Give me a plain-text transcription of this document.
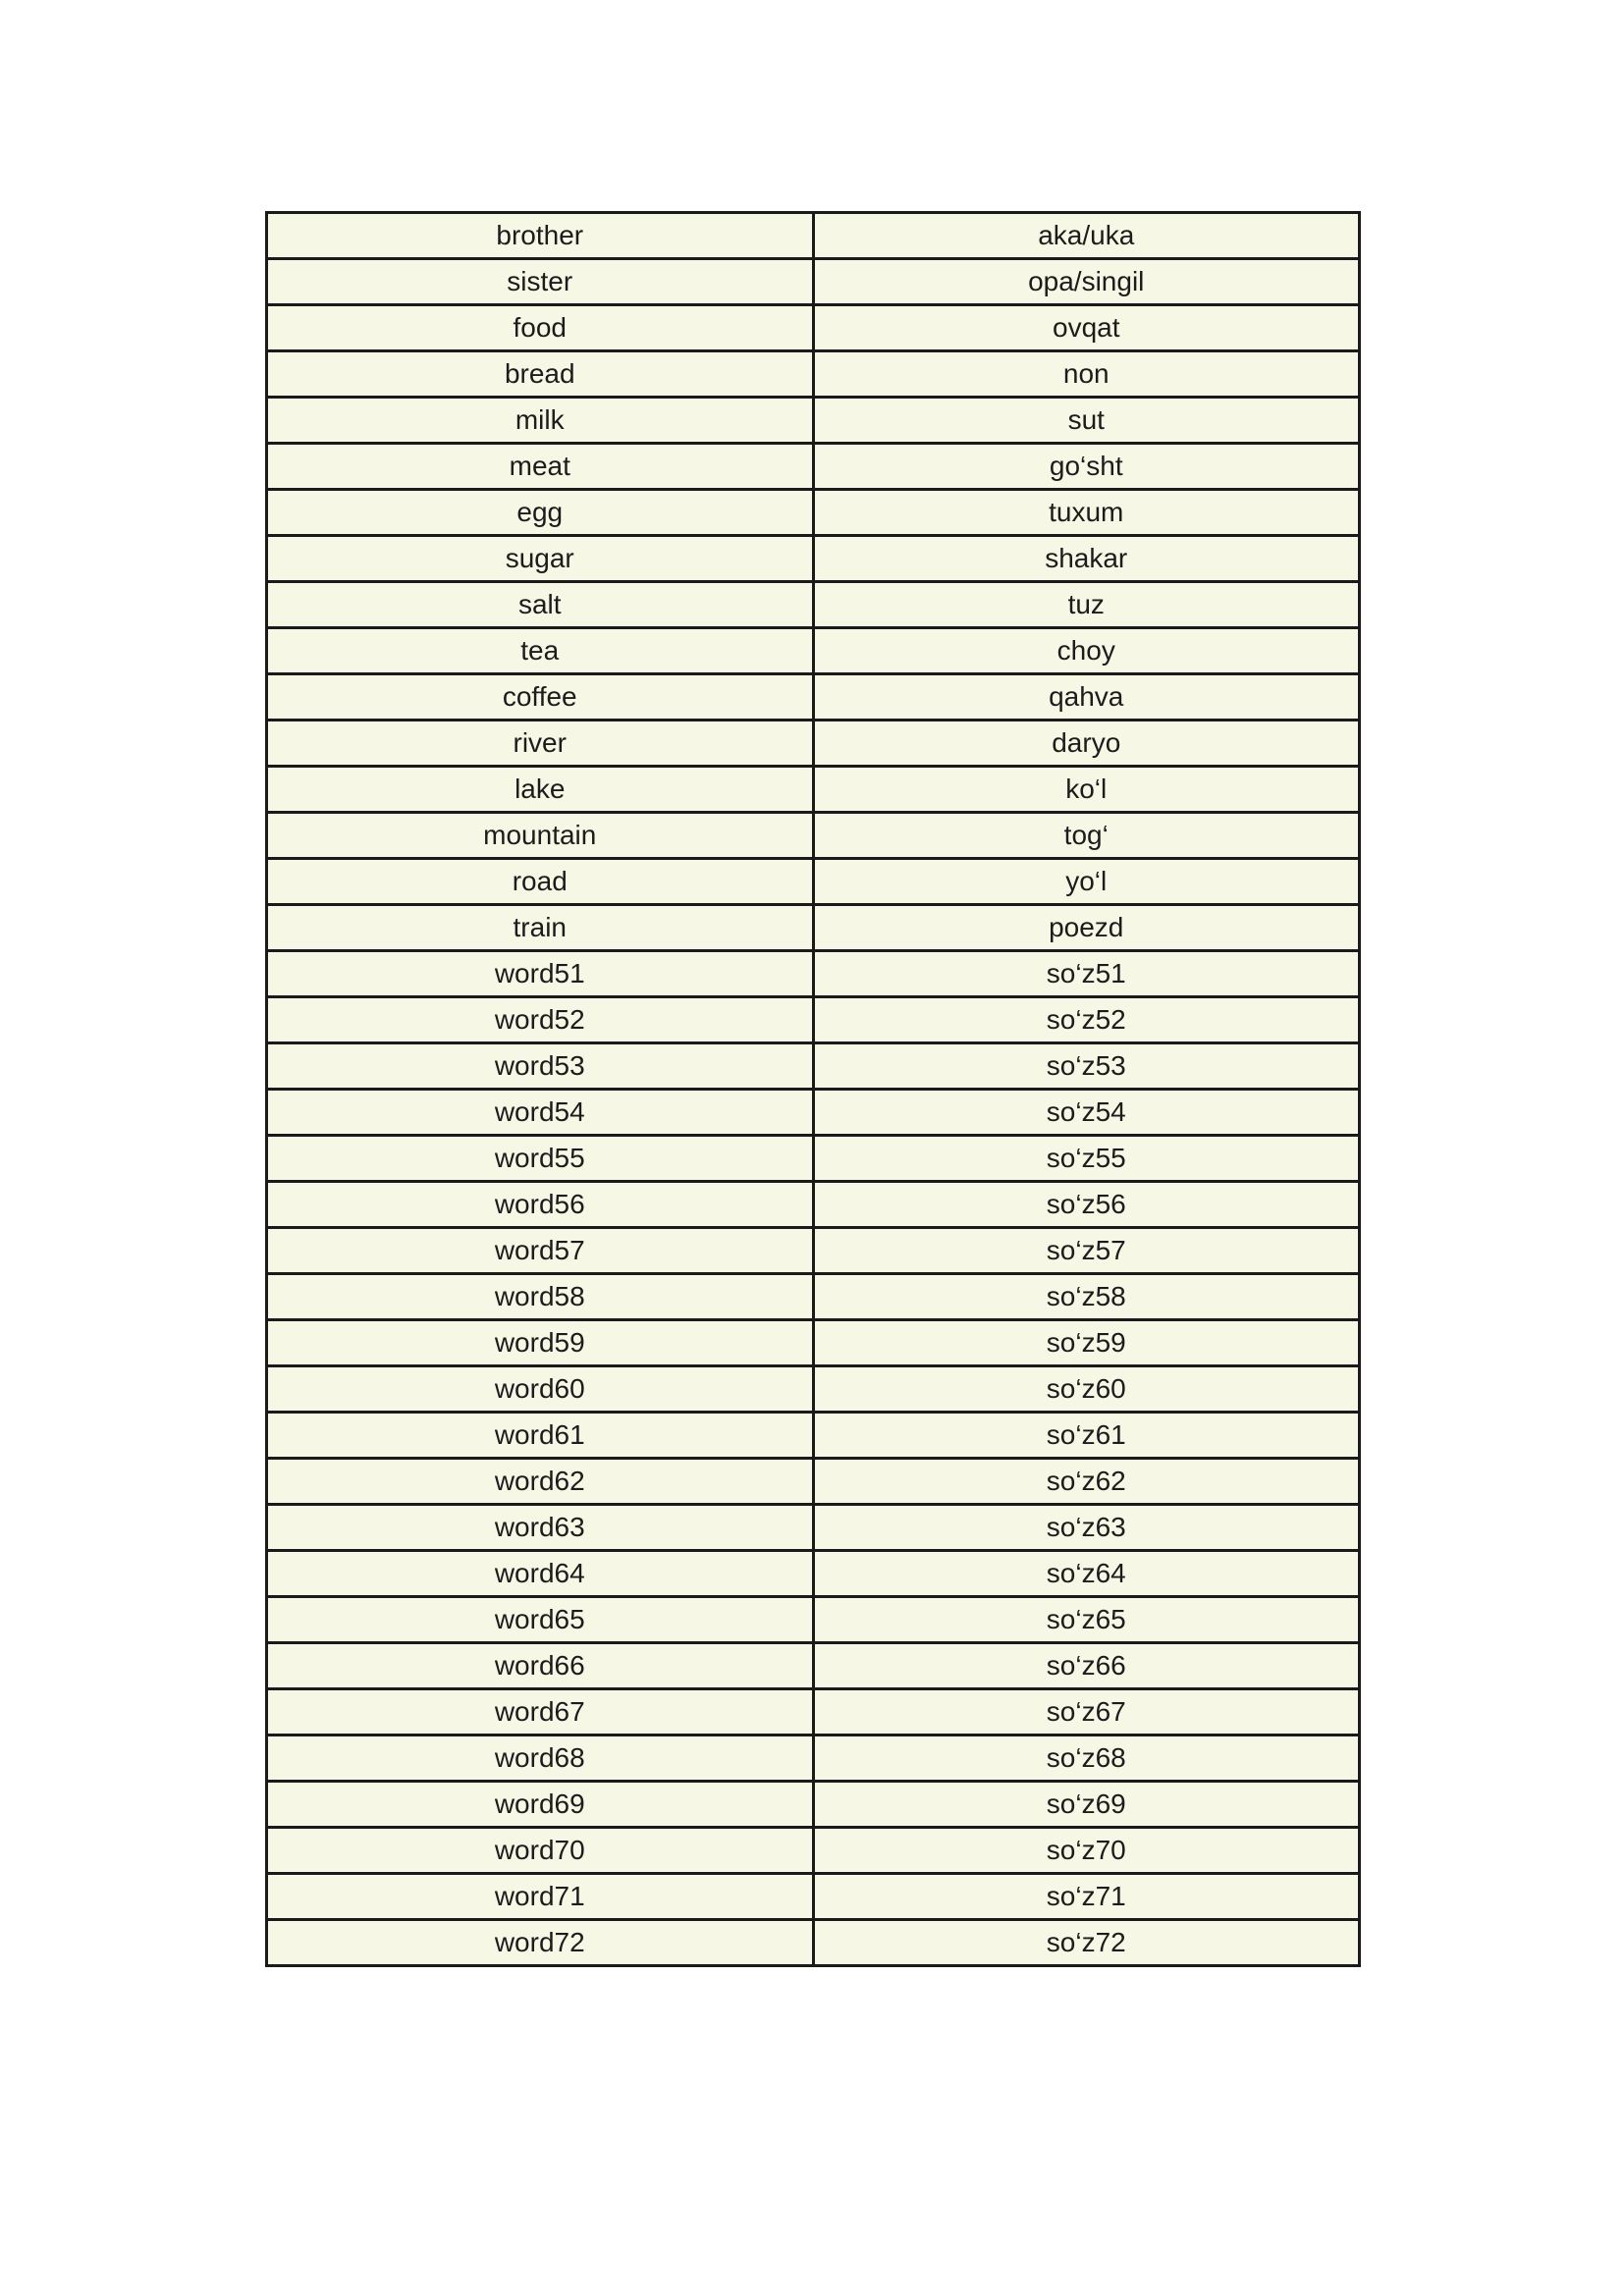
brother	aka/uka
sister	opa/singil
food	ovqat
bread	non
milk	sut
meat	go‘sht
egg	tuxum
sugar	shakar
salt	tuz
tea	choy
coffee	qahva
river	daryo
lake	ko‘l
mountain	tog‘
road	yo‘l
train	poezd
word51	so‘z51
word52	so‘z52
word53	so‘z53
word54	so‘z54
word55	so‘z55
word56	so‘z56
word57	so‘z57
word58	so‘z58
word59	so‘z59
word60	so‘z60
word61	so‘z61
word62	so‘z62
word63	so‘z63
word64	so‘z64
word65	so‘z65
word66	so‘z66
word67	so‘z67
word68	so‘z68
word69	so‘z69
word70	so‘z70
word71	so‘z71
word72	so‘z72
